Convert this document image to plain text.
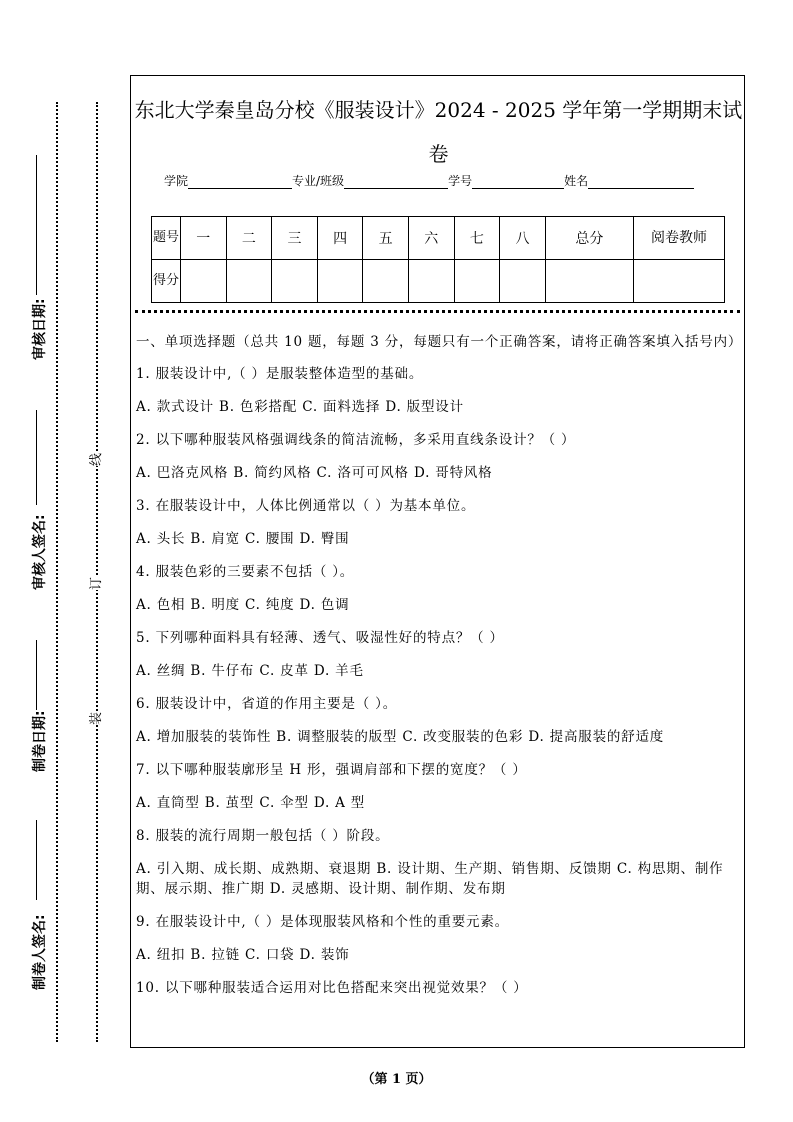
审核日期:
审核人签名:
制卷日期:
制卷人签名:
线
订
装
东北大学秦皇岛分校《服装设计》2024 - 2025 学年第一学期期末试卷
学院	专业/班级	学号	姓名
题号	一	二	三	四	五	六	七	八	总分	阅卷教师
得分										

一、单项选择题（总共 10 题，每题 3 分，每题只有一个正确答案，请将正确答案填入括号内）

1. 服装设计中,（ ）是服装整体造型的基础。

A. 款式设计 B. 色彩搭配 C. 面料选择 D. 版型设计

2. 以下哪种服装风格强调线条的简洁流畅，多采用直线条设计？（ ）

A. 巴洛克风格 B. 简约风格 C. 洛可可风格 D. 哥特风格

3. 在服装设计中，人体比例通常以（ ）为基本单位。

A. 头长 B. 肩宽 C. 腰围 D. 臀围

4. 服装色彩的三要素不包括（ ）。

A. 色相 B. 明度 C. 纯度 D. 色调

5. 下列哪种面料具有轻薄、透气、吸湿性好的特点？（ ）

A. 丝绸 B. 牛仔布 C. 皮革 D. 羊毛

6. 服装设计中，省道的作用主要是（ ）。

A. 增加服装的装饰性 B. 调整服装的版型 C. 改变服装的色彩 D. 提高服装的舒适度

7. 以下哪种服装廓形呈 H 形，强调肩部和下摆的宽度？（ ）

A. 直筒型 B. 茧型 C. 伞型 D. A 型

8. 服装的流行周期一般包括（ ）阶段。

A. 引入期、成长期、成熟期、衰退期 B. 设计期、生产期、销售期、反馈期 C. 构思期、制作期、展示期、推广期 D. 灵感期、设计期、制作期、发布期

9. 在服装设计中,（ ）是体现服装风格和个性的重要元素。

A. 纽扣 B. 拉链 C. 口袋 D. 装饰

10. 以下哪种服装适合运用对比色搭配来突出视觉效果？（ ）

（第 1 页）
